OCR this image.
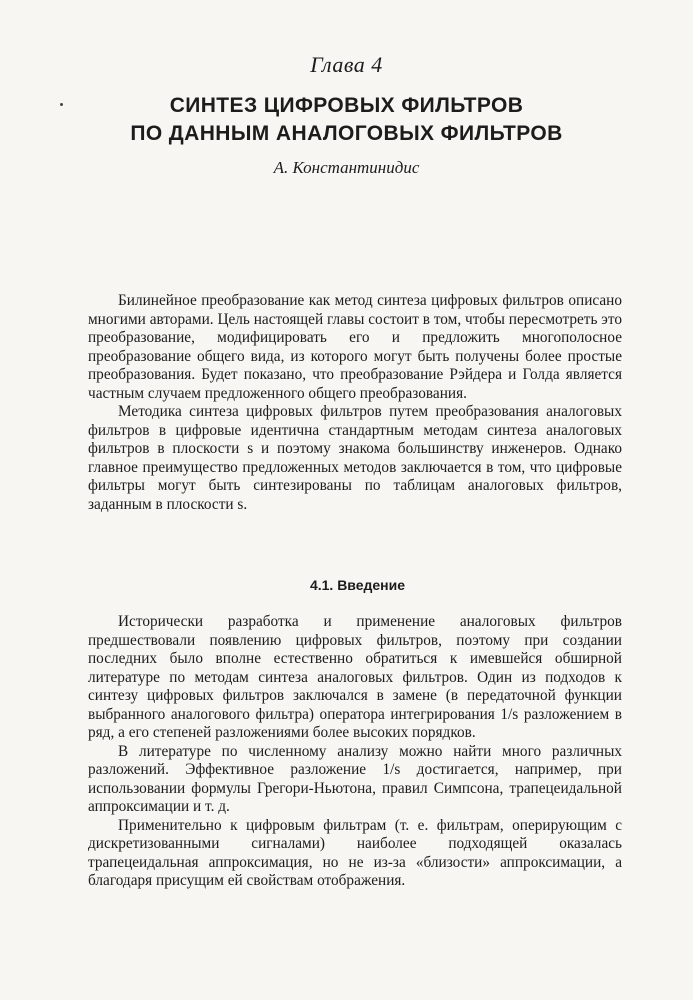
Глава 4
СИНТЕЗ ЦИФРОВЫХ ФИЛЬТРОВ
ПО ДАННЫМ АНАЛОГОВЫХ ФИЛЬТРОВ
А. Константинидис

Билинейное преобразование как метод синтеза цифровых фильтров описано многими авторами. Цель настоящей главы состоит в том, чтобы пересмотреть это преобразование, модифицировать его и предложить многополосное преобразование общего вида, из которого могут быть получены более простые преобразования. Будет показано, что преобразование Рэйдера и Голда является частным случаем предложенного общего преобразования.

Методика синтеза цифровых фильтров путем преобразования аналоговых фильтров в цифровые идентична стандартным методам синтеза аналоговых фильтров в плоскости s и поэтому знакома большинству инженеров. Однако главное преимущество предложенных методов заключается в том, что цифровые фильтры могут быть синтезированы по таблицам аналоговых фильтров, заданным в плоскости s.

4.1. Введение

Исторически разработка и применение аналоговых фильтров предшествовали появлению цифровых фильтров, поэтому при создании последних было вполне естественно обратиться к имевшейся обширной литературе по методам синтеза аналоговых фильтров. Один из подходов к синтезу цифровых фильтров заключался в замене (в передаточной функции выбранного аналогового фильтра) оператора интегрирования 1/s разложением в ряд, а его степеней разложениями более высоких порядков.

В литературе по численному анализу можно найти много различных разложений. Эффективное разложение 1/s достигается, например, при использовании формулы Грегори-Ньютона, правил Симпсона, трапецеидальной аппроксимации и т. д.

Применительно к цифровым фильтрам (т. е. фильтрам, оперирующим с дискретизованными сигналами) наиболее подходящей оказалась трапецеидальная аппроксимация, но не из-за «близости» аппроксимации, а благодаря присущим ей свойствам отображения.
